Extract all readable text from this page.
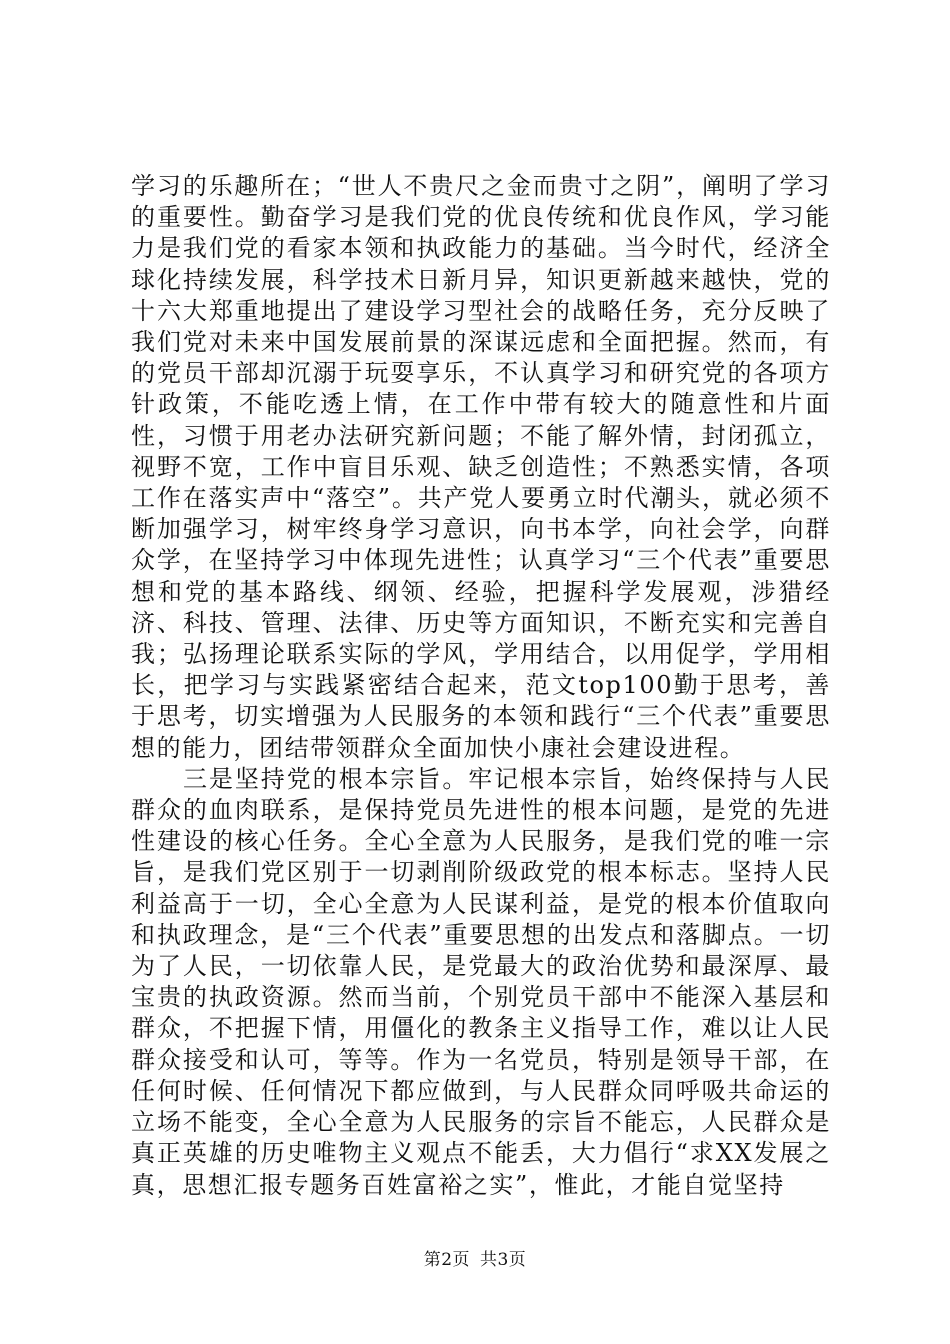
学习的乐趣所在；“世人不贵尺之金而贵寸之阴”，阐明了学习的重要性。勤奋学习是我们党的优良传统和优良作风，学习能力是我们党的看家本领和执政能力的基础。当今时代，经济全球化持续发展，科学技术日新月异，知识更新越来越快，党的十六大郑重地提出了建设学习型社会的战略任务，充分反映了我们党对未来中国发展前景的深谋远虑和全面把握。然而，有的党员干部却沉溺于玩耍享乐，不认真学习和研究党的各项方针政策，不能吃透上情，在工作中带有较大的随意性和片面性，习惯于用老办法研究新问题；不能了解外情，封闭孤立，视野不宽，工作中盲目乐观、缺乏创造性；不熟悉实情，各项工作在落实声中“落空”。共产党人要勇立时代潮头，就必须不断加强学习，树牢终身学习意识，向书本学，向社会学，向群众学，在坚持学习中体现先进性；认真学习“三个代表”重要思想和党的基本路线、纲领、经验，把握科学发展观，涉猎经济、科技、管理、法律、历史等方面知识，不断充实和完善自我；弘扬理论联系实际的学风，学用结合，以用促学，学用相长，把学习与实践紧密结合起来，范文top100勤于思考，善于思考，切实增强为人民服务的本领和践行“三个代表”重要思想的能力，团结带领群众全面加快小康社会建设进程。

三是坚持党的根本宗旨。牢记根本宗旨，始终保持与人民群众的血肉联系，是保持党员先进性的根本问题，是党的先进性建设的核心任务。全心全意为人民服务，是我们党的唯一宗旨，是我们党区别于一切剥削阶级政党的根本标志。坚持人民利益高于一切，全心全意为人民谋利益，是党的根本价值取向和执政理念，是“三个代表”重要思想的出发点和落脚点。一切为了人民，一切依靠人民，是党最大的政治优势和最深厚、最宝贵的执政资源。然而当前，个别党员干部中不能深入基层和群众，不把握下情，用僵化的教条主义指导工作，难以让人民群众接受和认可，等等。作为一名党员，特别是领导干部，在任何时候、任何情况下都应做到，与人民群众同呼吸共命运的立场不能变，全心全意为人民服务的宗旨不能忘，人民群众是真正英雄的历史唯物主义观点不能丢，大力倡行“求XX发展之真，思想汇报专题务百姓富裕之实”，惟此，才能自觉坚持

第2页 共3页
